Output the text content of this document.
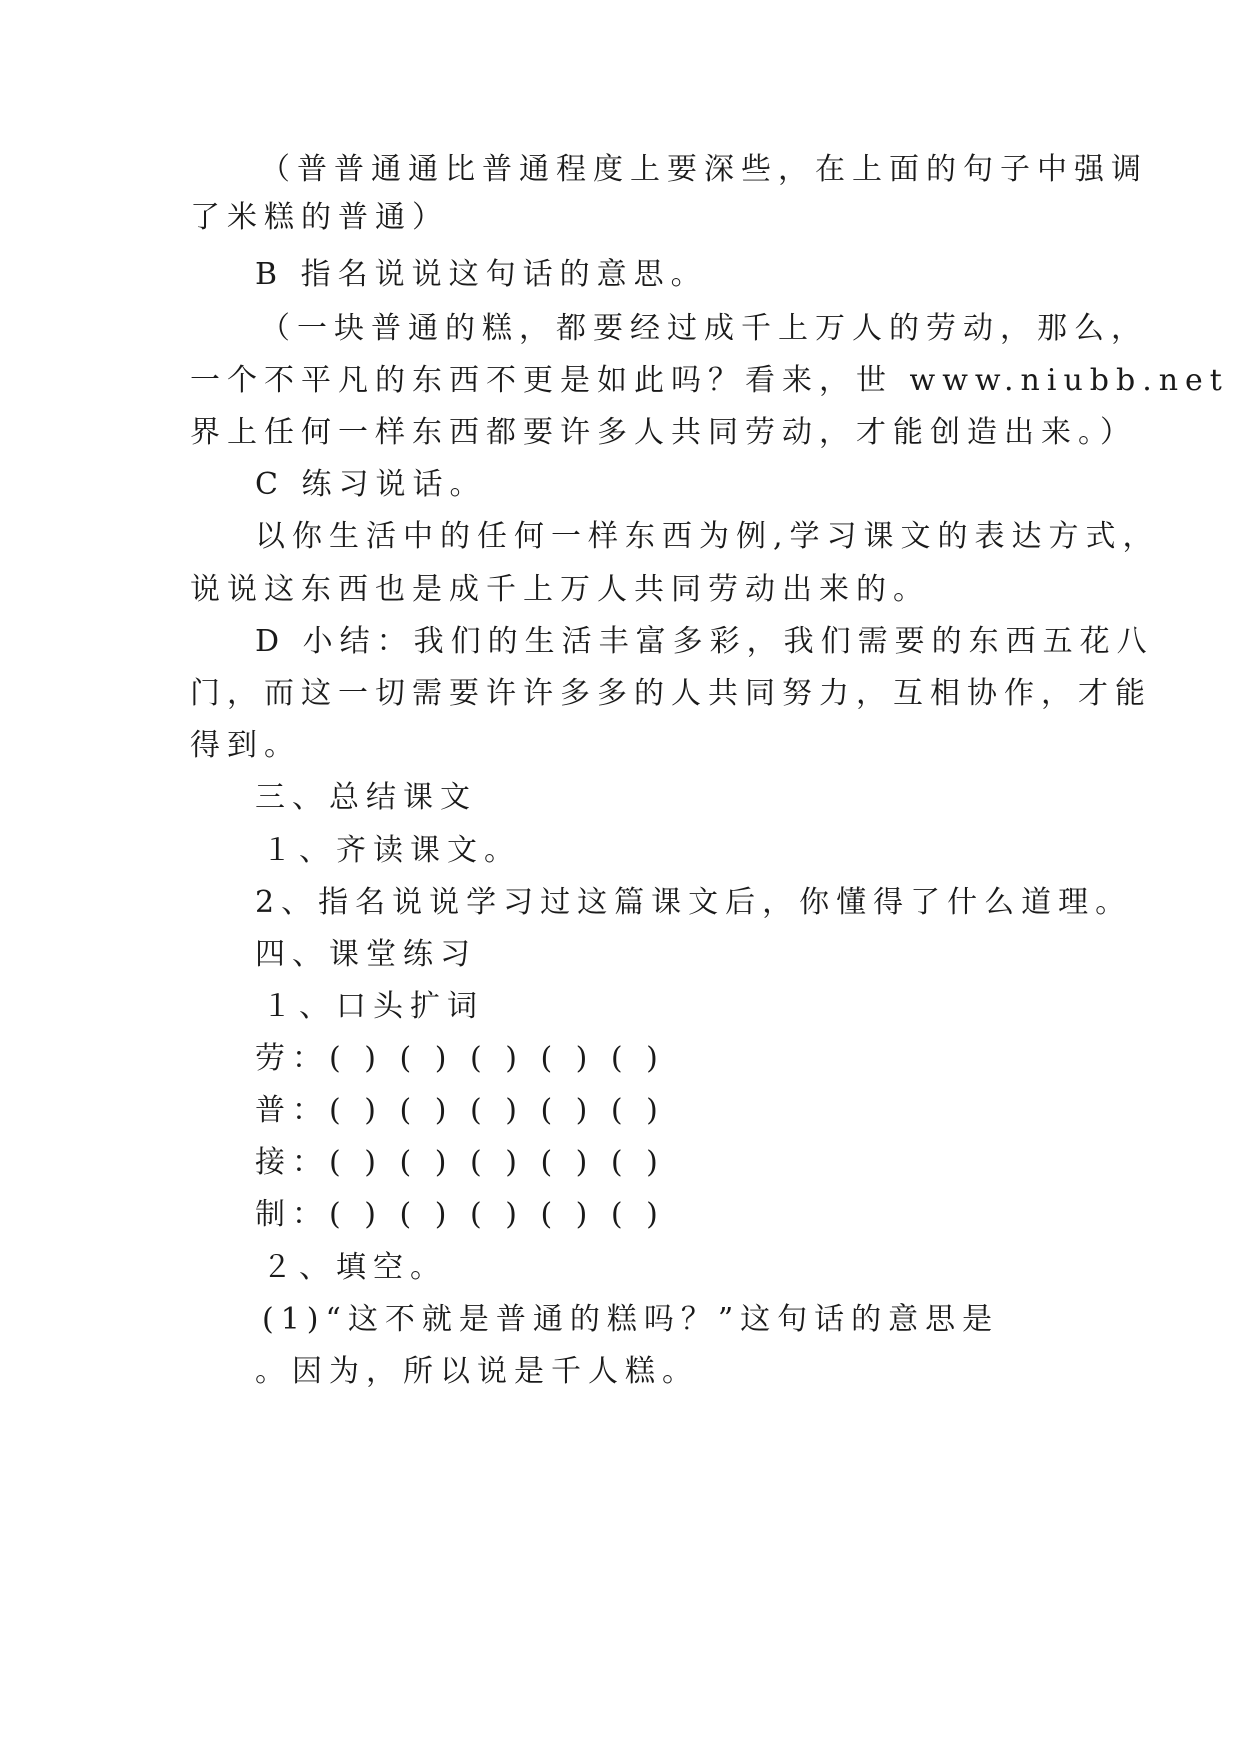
（普普通通比普通程度上要深些，在上面的句子中强调

了米糕的普通）

B 指名说说这句话的意思。

（一块普通的糕，都要经过成千上万人的劳动，那么，

一个不平凡的东西不更是如此吗？看来，世 www.niubb.net

界上任何一样东西都要许多人共同劳动，才能创造出来。）

C 练习说话。

以你生活中的任何一样东西为例,学习课文的表达方式，

说说这东西也是成千上万人共同劳动出来的。

D 小结：我们的生活丰富多彩，我们需要的东西五花八

门，而这一切需要许许多多的人共同努力，互相协作，才能

得到。

三、总结课文

１、齐读课文。

2、指名说说学习过这篇课文后，你懂得了什么道理。

四、课堂练习

１、口头扩词

劳：( ) ( ) ( ) ( ) ( )

普：( ) ( ) ( ) ( ) ( )

接：( ) ( ) ( ) ( ) ( )

制：( ) ( ) ( ) ( ) ( )

２、填空。

(1)“这不就是普通的糕吗？”这句话的意思是

。因为，所以说是千人糕。
